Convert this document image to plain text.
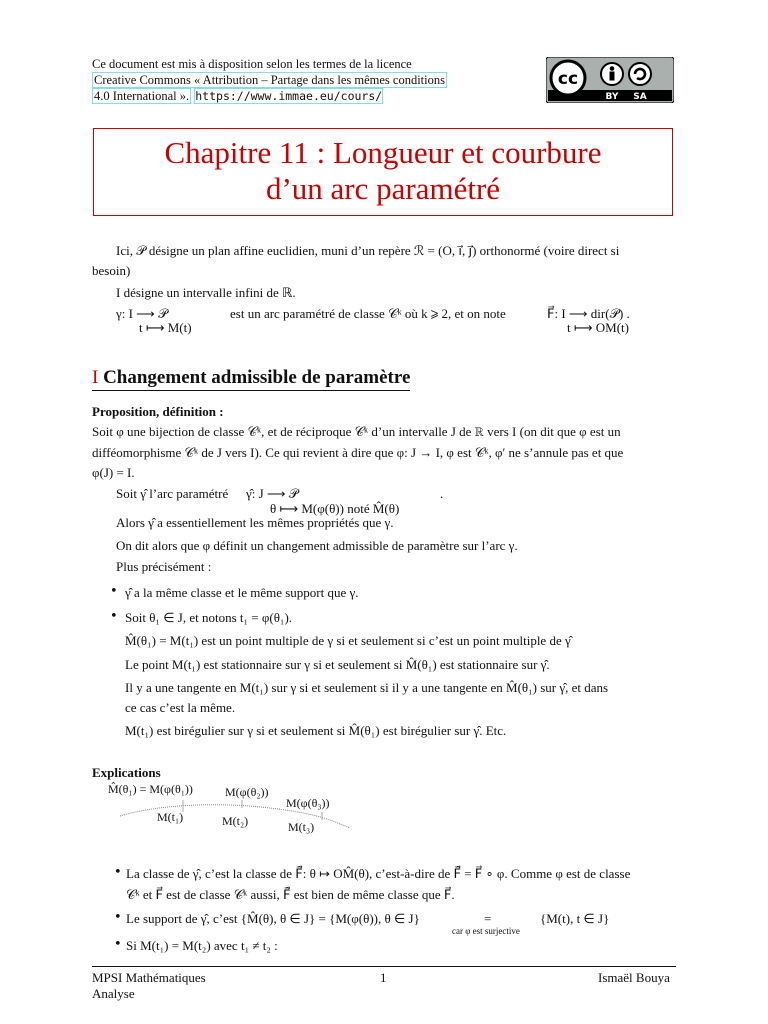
Ce document est mis à disposition selon les termes de la licence
Creative Commons « Attribution – Partage dans les mêmes conditions
4.0 International ». https://www.immae.eu/cours/
cc
BY SA
Chapitre 11 : Longueur et courbure
d’un arc paramétré
Ici, 𝒫 désigne un plan affine euclidien, muni d’un repère ℛ = (O, i⃗, j⃗) orthonormé (voire direct si
besoin)
I désigne un intervalle infini de ℝ.
γ: I ⟶ 𝒫
t ⟼ M(t)
est un arc paramétré de classe 𝒞ᵏ où k ⩾ 2, et on note	F⃗: I ⟶ dir(𝒫) .
t ⟼ OM(t)
I Changement admissible de paramètre
Proposition, définition :
Soit φ une bijection de classe 𝒞ᵏ, et de réciproque 𝒞ᵏ d’un intervalle J de ℝ vers I (on dit que φ est un
difféomorphisme 𝒞ᵏ de J vers I). Ce qui revient à dire que φ: J → I, φ est 𝒞ᵏ, φ′ ne s’annule pas et que
φ(J) = I.
Soit γ̂ l’arc paramétré γ̂: J ⟶ 𝒫
θ ⟼ M(φ(θ)) noté M̂(θ)
.
Alors γ̂ a essentiellement les mêmes propriétés que γ.
On dit alors que φ définit un changement admissible de paramètre sur l’arc γ.
Plus précisément :
• γ̂ a la même classe et le même support que γ.
• Soit θ₁ ∈ J, et notons t₁ = φ(θ₁).
M̂(θ₁) = M(t₁) est un point multiple de γ si et seulement si c’est un point multiple de γ̂
Le point M(t₁) est stationnaire sur γ si et seulement si M̂(θ₁) est stationnaire sur γ̂.
Il y a une tangente en M(t₁) sur γ si et seulement si il y a une tangente en M̂(θ₁) sur γ̂, et dans
ce cas c’est la même.
M(t₁) est birégulier sur γ si et seulement si M̂(θ₁) est birégulier sur γ̂. Etc.
Explications
M̂(θ₁) = M(φ(θ₁))	M(φ(θ₂))
M(φ(θ₃))
M(t₁)	M(t₂)	M(t₃)
• La classe de γ̂, c’est la classe de F̂⃗: θ ↦ OM̂(θ), c’est-à-dire de F̂⃗ = F⃗ ∘ φ. Comme φ est de classe
𝒞ᵏ et F⃗ est de classe 𝒞ᵏ aussi, F̂⃗ est bien de même classe que F⃗.
• Le support de γ̂, c’est {M̂(θ), θ ∈ J} = {M(φ(θ)), θ ∈ J}	=
car φ est surjective
{M(t), t ∈ J}
• Si M(t₁) = M(t₂) avec t₁ ≠ t₂ :
MPSI Mathématiques
Analyse
1	Ismaël Bouya
